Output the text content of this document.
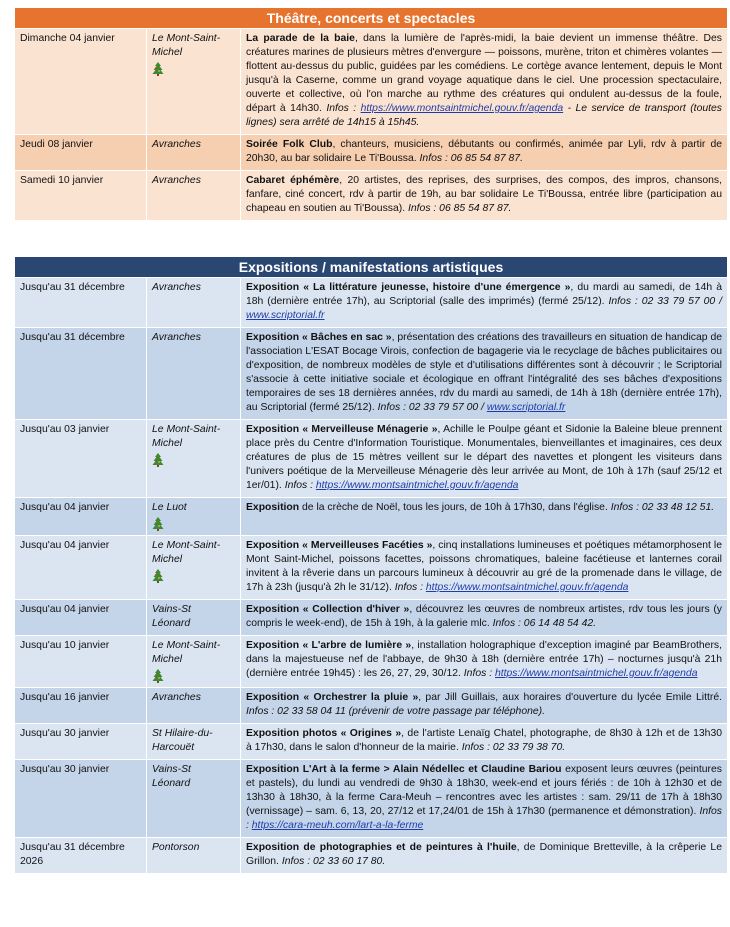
Théâtre, concerts et spectacles		
Dimanche 04 janvier	Le Mont-Saint-
Michel	La parade de la baie, dans la lumière de l'après-midi, la baie devient un immense théâtre. Des créatures marines de plusieurs mètres d'envergure — poissons, murène, triton et chimères volantes — flottent au-dessus du public, guidées par les comédiens. Le cortège avance lentement, depuis le Mont jusqu'à la Caserne, comme un grand voyage aquatique dans le ciel. Une procession spectaculaire, ouverte et collective, où l'on marche au rythme des créatures qui ondulent au-dessus de la foule, départ à 14h30. Infos : https://www.montsaintmichel.gouv.fr/agenda - Le service de transport (toutes lignes) sera arrêté de 14h15 à 15h45.
Jeudi 08 janvier	Avranches	Soirée Folk Club, chanteurs, musiciens, débutants ou confirmés, animée par Lyli, rdv à partir de 20h30, au bar solidaire Le Ti'Boussa. Infos : 06 85 54 87 87.
Samedi 10 janvier	Avranches	Cabaret éphémère, 20 artistes, des reprises, des surprises, des compos, des impros, chansons, fanfare, ciné concert, rdv à partir de 19h, au bar solidaire Le Ti'Boussa, entrée libre (participation au chapeau en soutien au Ti'Boussa). Infos : 06 85 54 87 87.
Expositions / manifestations artistiques		
Jusqu'au 31 décembre	Avranches	Exposition « La littérature jeunesse, histoire d'une émergence », du mardi au samedi, de 14h à 18h (dernière entrée 17h), au Scriptorial (salle des imprimés) (fermé 25/12). Infos : 02 33 79 57 00 / www.scriptorial.fr
Jusqu'au 31 décembre	Avranches	Exposition « Bâches en sac », présentation des créations des travailleurs en situation de handicap de l'association L'ESAT Bocage Virois, confection de bagagerie via le recyclage de bâches publicitaires ou d'exposition, de nombreux modèles de style et d'utilisations différentes sont à découvrir ; le Scriptorial s'associe à cette initiative sociale et écologique en offrant l'intégralité des ses bâches d'expositions temporaires de ses 18 dernières années, rdv du mardi au samedi, de 14h à 18h (dernière entrée 17h), au Scriptorial (fermé 25/12). Infos : 02 33 79 57 00 / www.scriptorial.fr
Jusqu'au 03 janvier	Le Mont-Saint-
Michel	Exposition « Merveilleuse Ménagerie », Achille le Poulpe géant et Sidonie la Baleine bleue prennent place près du Centre d'Information Touristique. Monumentales, bienveillantes et imaginaires, ces deux créatures de plus de 15 mètres veillent sur le départ des navettes et plongent les visiteurs dans l'univers poétique de la Merveilleuse Ménagerie dès leur arrivée au Mont, de 10h à 17h (sauf 25/12 et 1er/01). Infos : https://www.montsaintmichel.gouv.fr/agenda
Jusqu'au 04 janvier	Le Luot	Exposition de la crèche de Noël, tous les jours, de 10h à 17h30, dans l'église. Infos : 02 33 48 12 51.
Jusqu'au 04 janvier	Le Mont-Saint-
Michel	Exposition « Merveilleuses Facéties », cinq installations lumineuses et poétiques métamorphosent le Mont Saint-Michel, poissons facettes, poissons chromatiques, baleine facétieuse et lanternes corail invitent à la rêverie dans un parcours lumineux à découvrir au gré de la promenade dans le village, de 17h à 23h (jusqu'à 2h le 31/12). Infos : https://www.montsaintmichel.gouv.fr/agenda
Jusqu'au 04 janvier	Vains-St
Léonard	Exposition « Collection d'hiver », découvrez les œuvres de nombreux artistes, rdv tous les jours (y compris le week-end), de 15h à 19h, à la galerie mlc. Infos : 06 14 48 54 42.
Jusqu'au 10 janvier	Le Mont-Saint-
Michel	Exposition « L'arbre de lumière », installation holographique d'exception imaginé par BeamBrothers, dans la majestueuse nef de l'abbaye, de 9h30 à 18h (dernière entrée 17h) – nocturnes jusqu'à 21h (dernière entrée 19h45) : les 26, 27, 29, 30/12. Infos : https://www.montsaintmichel.gouv.fr/agenda
Jusqu'au 16 janvier	Avranches	Exposition « Orchestrer la pluie », par Jill Guillais, aux horaires d'ouverture du lycée Emile Littré. Infos : 02 33 58 04 11 (prévenir de votre passage par téléphone).
Jusqu'au 30 janvier	St Hilaire-du-
Harcouët	Exposition photos « Origines », de l'artiste Lenaïg Chatel, photographe, de 8h30 à 12h et de 13h30 à 17h30, dans le salon d'honneur de la mairie. Infos : 02 33 79 38 70.
Jusqu'au 30 janvier	Vains-St
Léonard	Exposition L'Art à la ferme > Alain Nédellec et Claudine Bariou exposent leurs œuvres (peintures et pastels), du lundi au vendredi de 9h30 à 18h30, week-end et jours fériés : de 10h à 12h30 et de 13h30 à 18h30, à la ferme Cara-Meuh – rencontres avec les artistes : sam. 29/11 de 17h à 18h30 (vernissage) – sam. 6, 13, 20, 27/12 et 17,24/01 de 15h à 17h30 (permanence et démonstration). Infos : https://cara-meuh.com/lart-a-la-ferme
Jusqu'au 31 décembre 2026	Pontorson	Exposition de photographies et de peintures à l'huile, de Dominique Bretteville, à la crêperie Le Grillon. Infos : 02 33 60 17 80.
